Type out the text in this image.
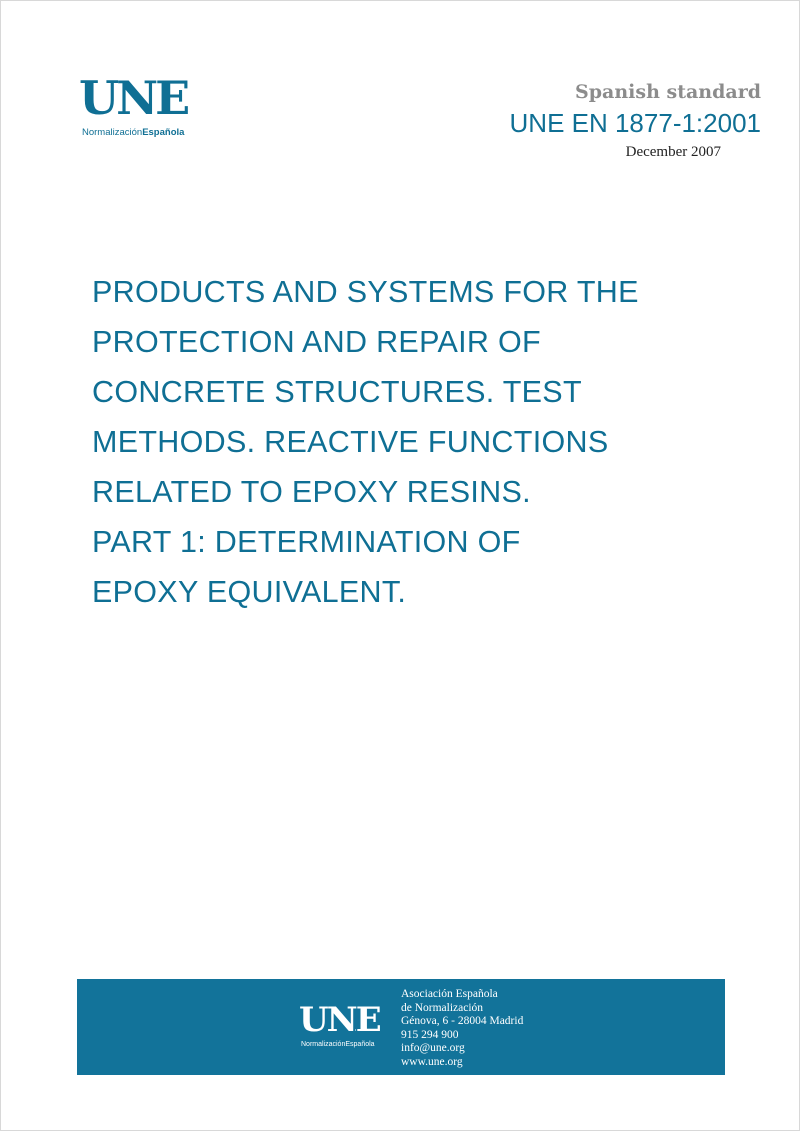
UNE
NormalizaciónEspañola
Spanish standard
UNE EN 1877-1:2001
December 2007
PRODUCTS AND SYSTEMS FOR THE
PROTECTION AND REPAIR OF
CONCRETE STRUCTURES. TEST
METHODS. REACTIVE FUNCTIONS
RELATED TO EPOXY RESINS.
PART 1: DETERMINATION OF
EPOXY EQUIVALENT.
UNE
NormalizaciónEspañola
Asociación Española
de Normalización
Génova, 6 - 28004 Madrid
915 294 900
info@une.org
www.une.org
